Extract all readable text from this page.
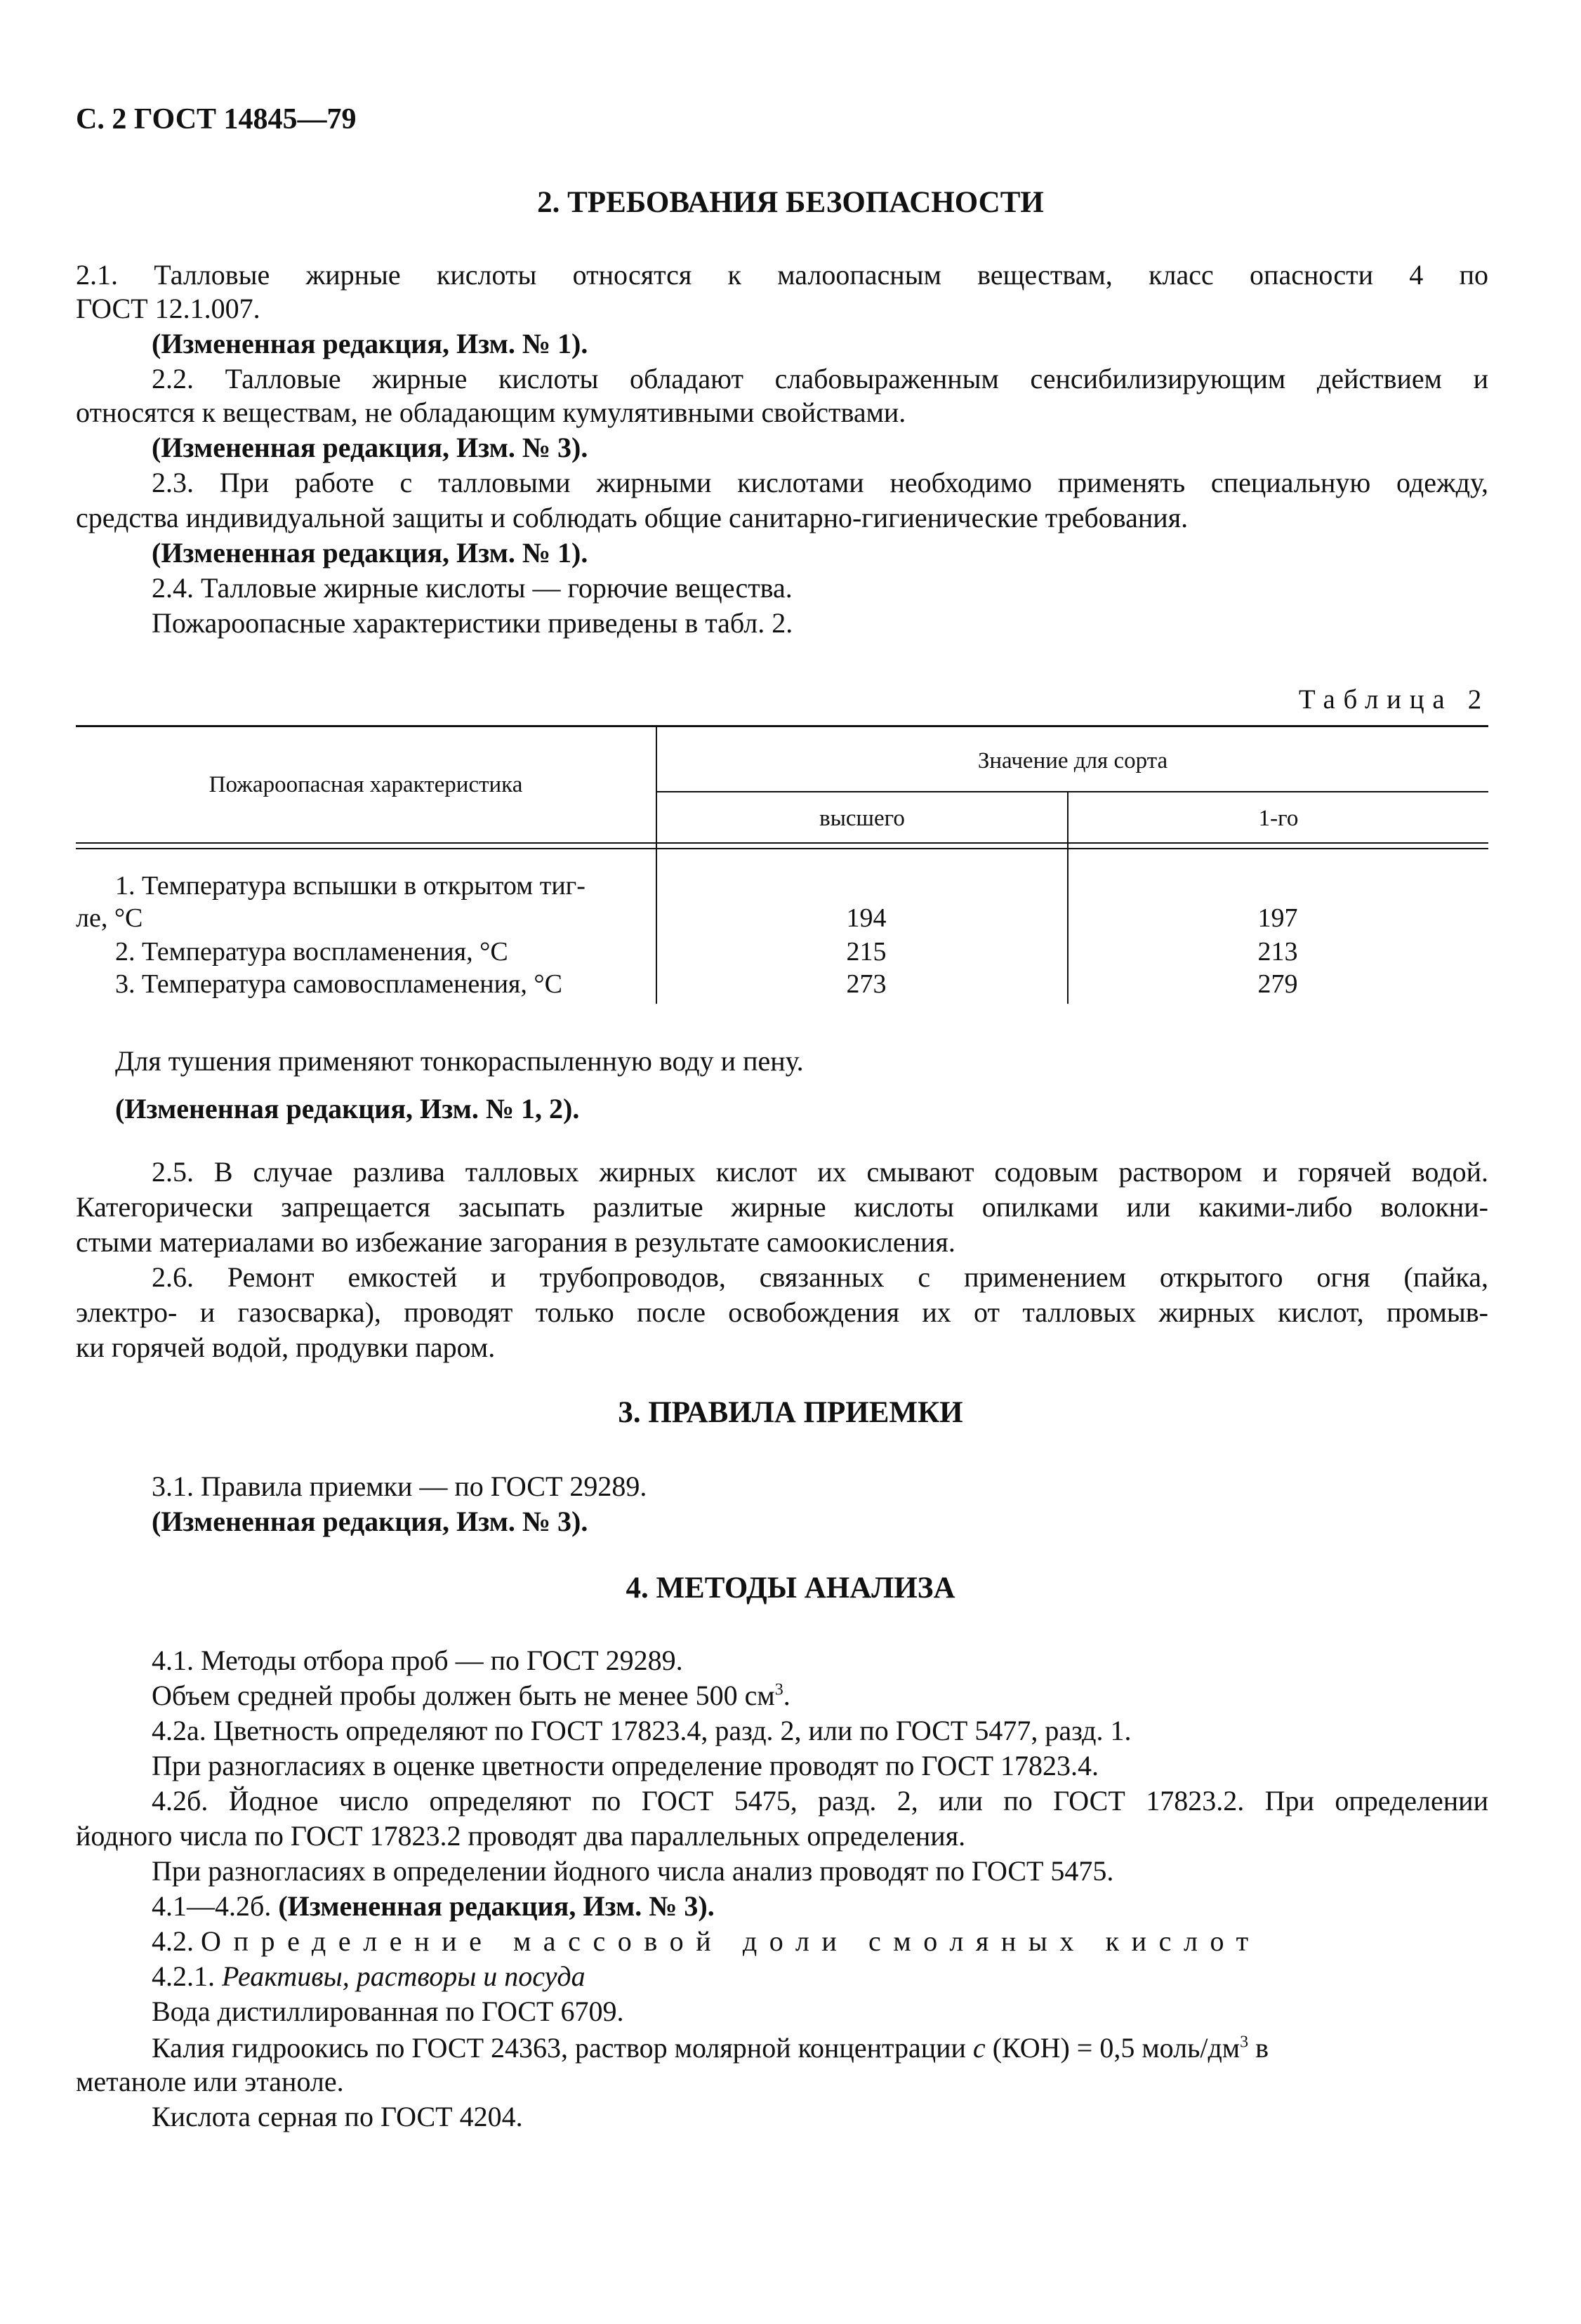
С. 2 ГОСТ 14845—79
2. ТРЕБОВАНИЯ БЕЗОПАСНОСТИ
2.1. Талловые жирные кислоты относятся к малоопасным веществам, класс опасности 4 по
ГОСТ 12.1.007.
(Измененная редакция, Изм. № 1).
2.2. Талловые жирные кислоты обладают слабовыраженным сенсибилизирующим действием и
относятся к веществам, не обладающим кумулятивными свойствами.
(Измененная редакция, Изм. № 3).
2.3. При работе с талловыми жирными кислотами необходимо применять специальную одежду,
средства индивидуальной защиты и соблюдать общие санитарно-гигиенические требования.
(Измененная редакция, Изм. № 1).
2.4. Талловые жирные кислоты — горючие вещества.
Пожароопасные характеристики приведены в табл. 2.
Таблица 2
Пожароопасная характеристика
Значение для сорта
высшего	1-го
1. Температура вспышки в открытом тиг-
ле, °С	194	197
2. Температура воспламенения, °С	215	213
3. Температура самовоспламенения, °С	273	279
Для тушения применяют тонкораспыленную воду и пену.
(Измененная редакция, Изм. № 1, 2).
2.5. В случае разлива талловых жирных кислот их смывают содовым раствором и горячей водой.
Категорически запрещается засыпать разлитые жирные кислоты опилками или какими-либо волокни-
стыми материалами во избежание загорания в результате самоокисления.
2.6. Ремонт емкостей и трубопроводов, связанных с применением открытого огня (пайка,
электро- и газосварка), проводят только после освобождения их от талловых жирных кислот, промыв-
ки горячей водой, продувки паром.
3. ПРАВИЛА ПРИЕМКИ
3.1. Правила приемки — по ГОСТ 29289.
(Измененная редакция, Изм. № 3).
4. МЕТОДЫ АНАЛИЗА
4.1. Методы отбора проб — по ГОСТ 29289.
Объем средней пробы должен быть не менее 500 $см^3$.
4.2а. Цветность определяют по ГОСТ 17823.4, разд. 2, или по ГОСТ 5477, разд. 1.
При разногласиях в оценке цветности определение проводят по ГОСТ 17823.4.
4.2б. Йодное число определяют по ГОСТ 5475, разд. 2, или по ГОСТ 17823.2. При определении
йодного числа по ГОСТ 17823.2 проводят два параллельных определения.
При разногласиях в определении йодного числа анализ проводят по ГОСТ 5475.
4.1—4.2б. (Измененная редакция, Изм. № 3).
4.2. Определение массовой доли смоляных кислот
4.2.1. Реактивы, растворы и посуда
Вода дистиллированная по ГОСТ 6709.
Калия гидроокись по ГОСТ 24363, раствор молярной концентрации c (КОН) = 0,5 моль/$дм^3$ в
метаноле или этаноле.
Кислота серная по ГОСТ 4204.
